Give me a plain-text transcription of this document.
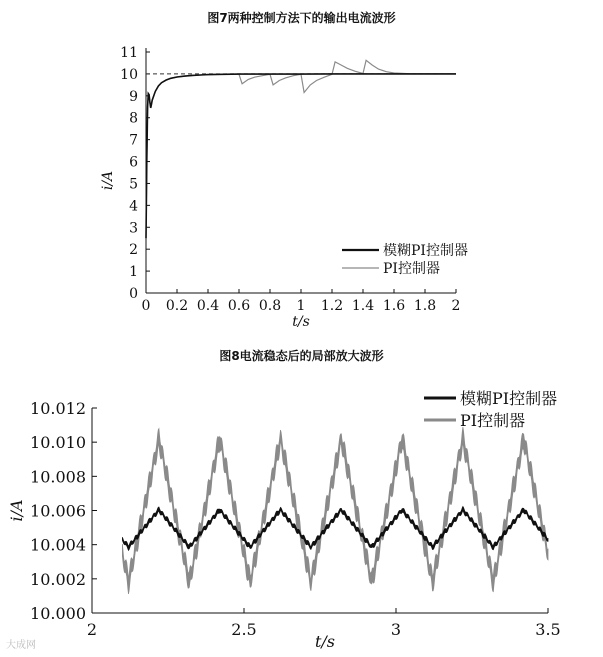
图7两种控制方法下的输出电流波形
图8电流稳态后的局部放大波形
0
1
2
3
4
5
6
7
8
9
10
11
0 0.2 0.4 0.6 0.8 1 1.2 1.4 1.6 1.8 2
t/s
i/A
模糊PI控制器
PI控制器
10.000
10.002
10.004
10.006
10.008
10.010
10.012
2	2.5	3	3.5
t/s
i/A
模糊PI控制器
PI控制器
大成网
